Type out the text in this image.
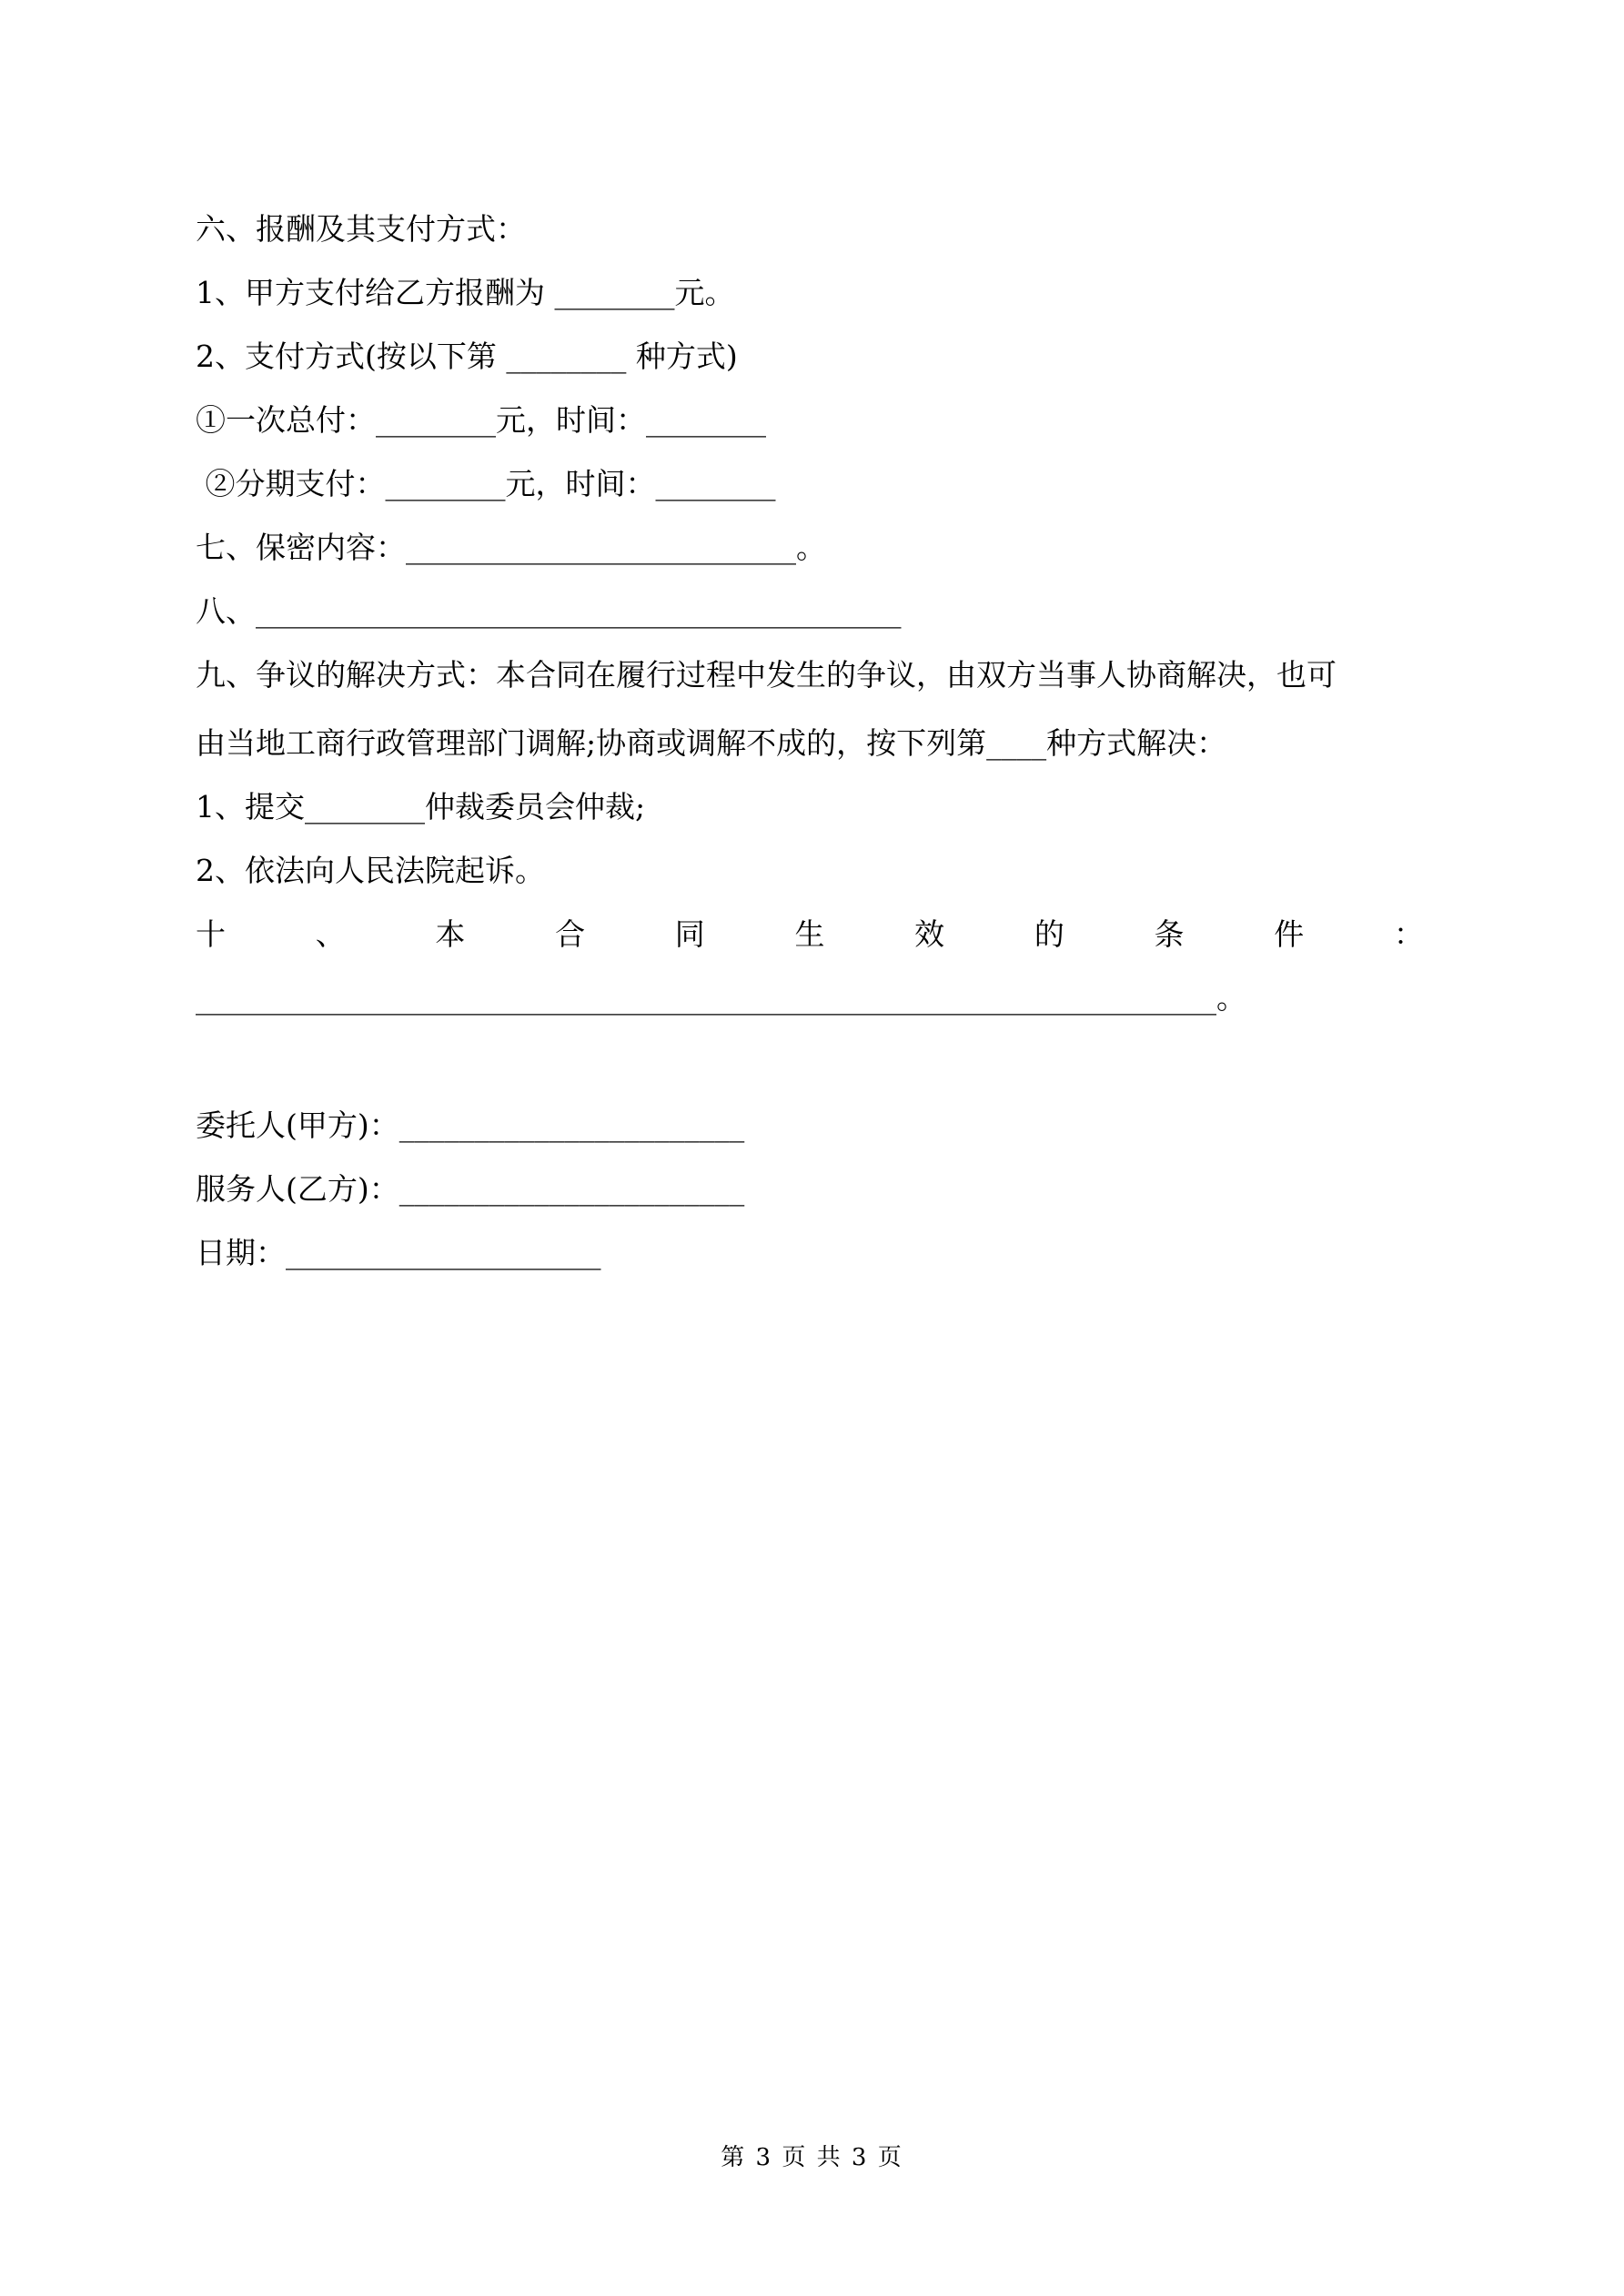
六、报酬及其支付方式：
1、甲方支付给乙方报酬为 ________元。
2、支付方式(按以下第 ________ 种方式)
①一次总付：________元，时间：________
②分期支付：________元，时间：________
七、保密内容：__________________________。
八、___________________________________________
九、争议的解决方式：本合同在履行过程中发生的争议，由双方当事人协商解决，也可
由当地工商行政管理部门调解;协商或调解不成的，按下列第____种方式解决：
1、提交________仲裁委员会仲裁;
2、依法向人民法院起诉。
十	、	本	合	同	生	效	的	条	件	：
____________________________________________________________________。
委托人(甲方)：_______________________
服务人(乙方)：_______________________
日期：_____________________
第 3 页 共 3 页
